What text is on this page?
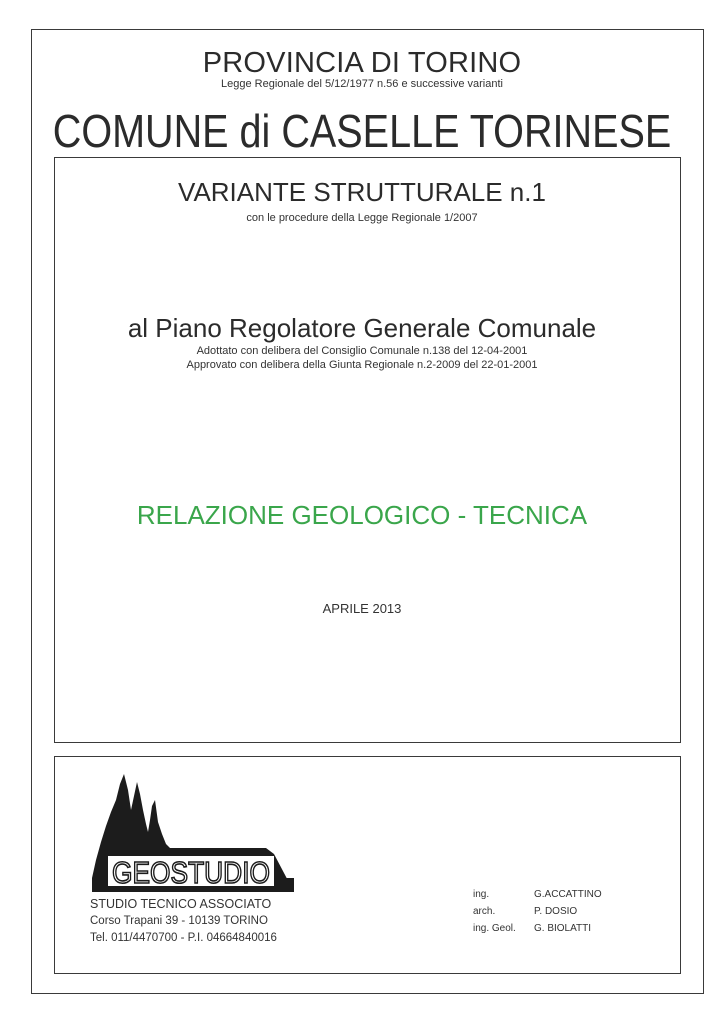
PROVINCIA DI TORINO
Legge Regionale del 5/12/1977 n.56 e successive varianti
COMUNE di CASELLE TORINESE
VARIANTE STRUTTURALE n.1
con le procedure della Legge Regionale 1/2007
al Piano Regolatore Generale Comunale
Adottato con delibera del Consiglio Comunale n.138 del 12-04-2001
Approvato con delibera della Giunta Regionale n.2-2009 del 22-01-2001
RELAZIONE GEOLOGICO - TECNICA
APRILE 2013
GEOSTUDIO
STUDIO TECNICO ASSOCIATO
Corso Trapani 39 - 10139 TORINO
Tel. 011/4470700 - P.I. 04664840016
ing.	G.ACCATTINO
arch.	P. DOSIO
ing. Geol. G. BIOLATTI
